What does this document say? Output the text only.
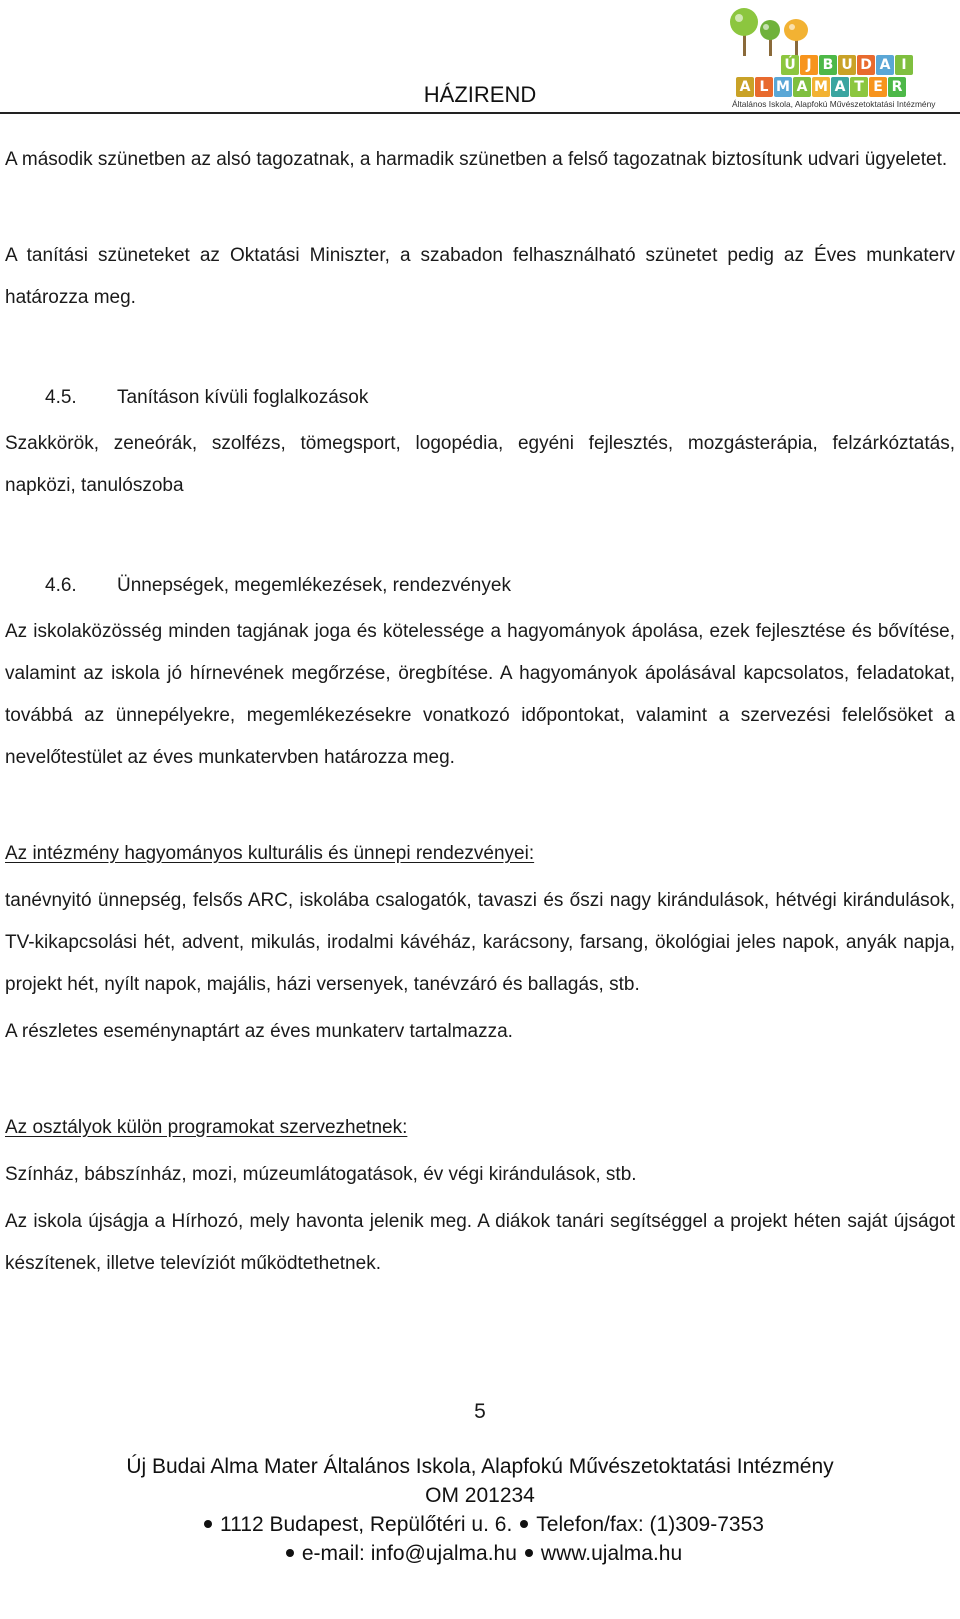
Ú J B U D A I
A L M A M A T E R
Általános Iskola, Alapfokú Művészetoktatási Intézmény
HÁZIREND

A második szünetben az alsó tagozatnak, a harmadik szünetben a felső tagozatnak biztosítunk udvari ügyeletet.

A tanítási szüneteket az Oktatási Miniszter, a szabadon felhasználható szünetet pedig az Éves munkaterv határozza meg.

4.5.	Tanításon kívüli foglalkozások

Szakkörök, zeneórák, szolfézs, tömegsport, logopédia, egyéni fejlesztés, mozgásterápia, felzárkóztatás, napközi, tanulószoba

4.6.	Ünnepségek, megemlékezések, rendezvények

Az iskolaközösség minden tagjának joga és kötelessége a hagyományok ápolása, ezek fejlesztése és bővítése, valamint az iskola jó hírnevének megőrzése, öregbítése. A hagyományok ápolásával kapcsolatos, feladatokat, továbbá az ünnepélyekre, megemlékezésekre vonatkozó időpontokat, valamint a szervezési felelősöket a nevelőtestület az éves munkatervben határozza meg.

Az intézmény hagyományos kulturális és ünnepi rendezvényei:

tanévnyitó ünnepség, felsős ARC, iskolába csalogatók, tavaszi és őszi nagy kirándulások, hétvégi kirándulások, TV-kikapcsolási hét, advent, mikulás, irodalmi kávéház, karácsony, farsang, ökológiai jeles napok, anyák napja, projekt hét, nyílt napok, majális, házi versenyek, tanévzáró és ballagás, stb.

A részletes eseménynaptárt az éves munkaterv tartalmazza.

Az osztályok külön programokat szervezhetnek:

Színház, bábszínház, mozi, múzeumlátogatások, év végi kirándulások, stb.

Az iskola újságja a Hírhozó, mely havonta jelenik meg. A diákok tanári segítséggel a projekt héten saját újságot készítenek, illetve televíziót működtethetnek.

5
Új Budai Alma Mater Általános Iskola, Alapfokú Művészetoktatási Intézmény
OM 201234
1112 Budapest, Repülőtéri u. 6. Telefon/fax: (1)309-7353
e-mail: info@ujalma.hu www.ujalma.hu
